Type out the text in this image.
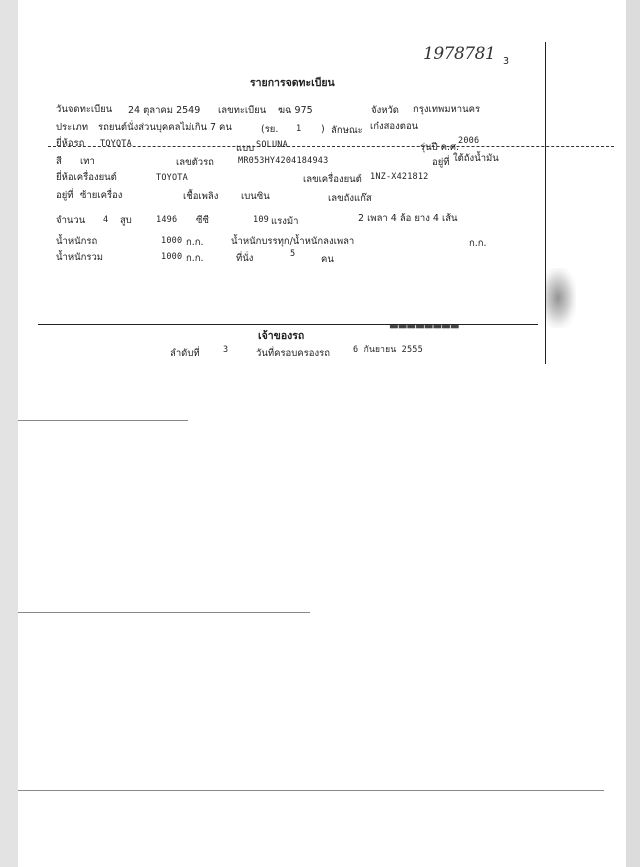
1978781 3
รายการจดทะเบียน
วันจดทะเบียน 24 ตุลาคม 2549 เลขทะเบียน ฆฉ 975	จังหวัด กรุงเทพมหานคร
ประเภท รถยนต์นั่งส่วนบุคคลไม่เกิน 7 คน	(รย. 1 ) ลักษณะ เก๋งสองตอน
ยี่ห้อรถ TOYOTA	แบบ SOLUNA	รุ่นปี ค.ศ.
2006
สี เทา	เลขตัวรถ	MR053HY4204184943	อยู่ที่ ใต้ถังน้ำมัน
ยี่ห้อเครื่องยนต์	TOYOTA	เลขเครื่องยนต์ 1NZ-X421812
อยู่ที่ ซ้ายเครื่อง	เชื้อเพลิง เบนซิน	เลขถังแก๊ส
จำนวน 4 สูบ	1496 ซีซี	109 แรงม้า	2 เพลา 4 ล้อ ยาง 4 เส้น
น้ำหนักรถ	1000 ก.ก.	น้ำหนักบรรทุก/น้ำหนักลงเพลา	ก.ก.
น้ำหนักรวม	1000 ก.ก.	ที่นั่ง	5	คน
▄▄▄▄▄▄▄▄
เจ้าของรถ
ลำดับที่	3	วันที่ครอบครองรถ	6 กันยายน 2555
